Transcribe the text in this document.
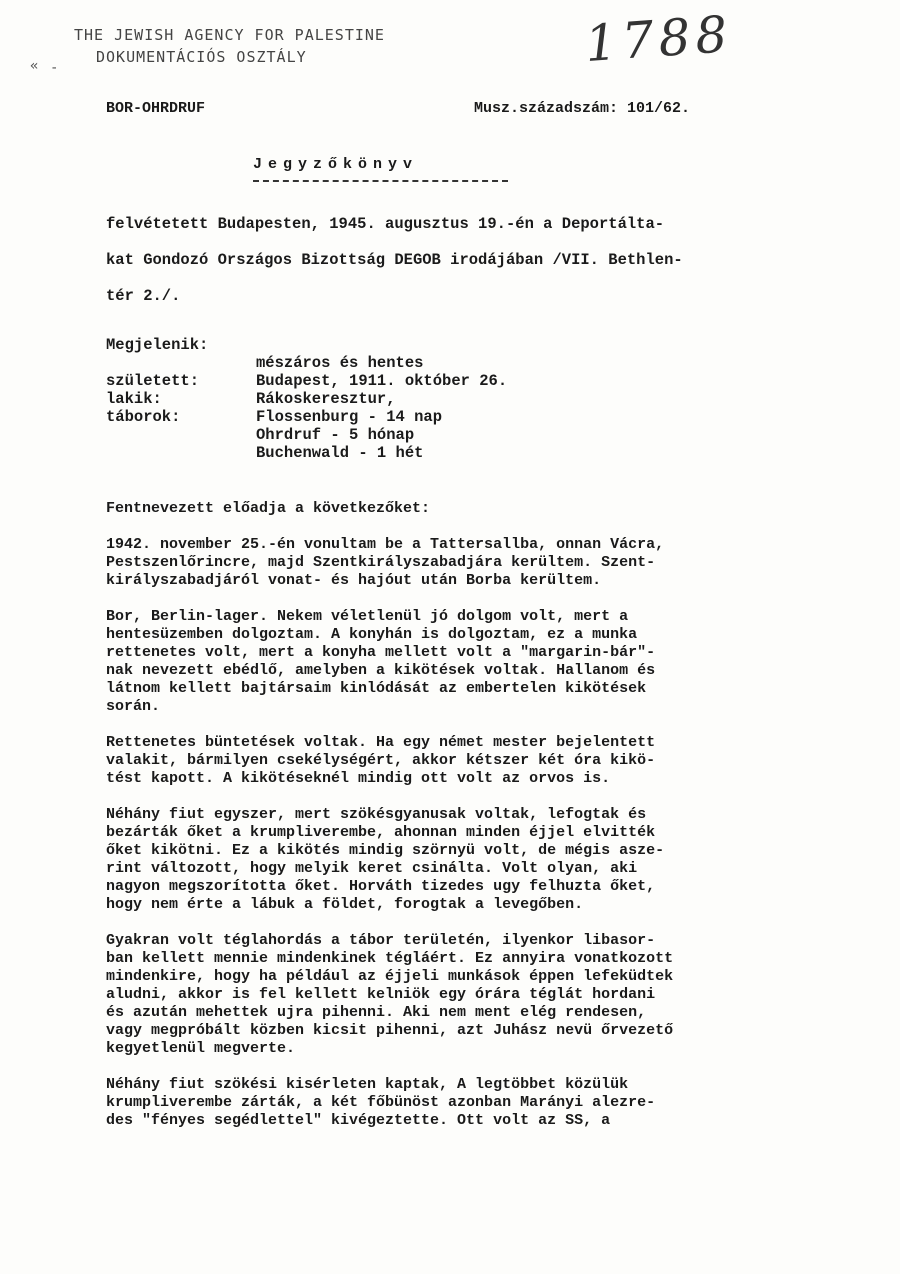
THE JEWISH AGENCY FOR PALESTINE
DOKUMENTÁCIÓS OSZTÁLY
« -	1788
BOR-OHRDRUF	Musz.századszám: 101/62.
Jegyzőkönyv
felvétetett Budapesten, 1945. augusztus 19.-én a Deportálta-
kat Gondozó Országos Bizottság DEGOB irodájában /VII. Bethlen-
tér 2./.
Megjelenik:
mészáros és hentes
született:	Budapest, 1911. október 26.
lakik:	Rákoskeresztur,
táborok:	Flossenburg - 14 nap
Ohrdruf - 5 hónap
Buchenwald - 1 hét
Fentnevezett előadja a következőket:
1942. november 25.-én vonultam be a Tattersallba, onnan Vácra,
Pestszenlőrincre, majd Szentkirályszabadjára kerültem. Szent-
királyszabadjáról vonat- és hajóut után Borba kerültem.
Bor, Berlin-lager. Nekem véletlenül jó dolgom volt, mert a
hentesüzemben dolgoztam. A konyhán is dolgoztam, ez a munka
rettenetes volt, mert a konyha mellett volt a "margarin-bár"-
nak nevezett ebédlő, amelyben a kikötések voltak. Hallanom és
látnom kellett bajtársaim kinlódását az embertelen kikötések
során.
Rettenetes büntetések voltak. Ha egy német mester bejelentett
valakit, bármilyen csekélységért, akkor kétszer két óra kikö-
tést kapott. A kikötéseknél mindig ott volt az orvos is.
Néhány fiut egyszer, mert szökésgyanusak voltak, lefogtak és
bezárták őket a krumpliverembe, ahonnan minden éjjel elvitték
őket kikötni. Ez a kikötés mindig szörnyü volt, de mégis asze-
rint változott, hogy melyik keret csinálta. Volt olyan, aki
nagyon megszorította őket. Horváth tizedes ugy felhuzta őket,
hogy nem érte a lábuk a földet, forogtak a levegőben.
Gyakran volt téglahordás a tábor területén, ilyenkor libasor-
ban kellett mennie mindenkinek tégláért. Ez annyira vonatkozott
mindenkire, hogy ha például az éjjeli munkások éppen lefeküdtek
aludni, akkor is fel kellett kelniök egy órára téglát hordani
és azután mehettek ujra pihenni. Aki nem ment elég rendesen,
vagy megpróbált közben kicsit pihenni, azt Juhász nevü őrvezető
kegyetlenül megverte.
Néhány fiut szökési kisérleten kaptak, A legtöbbet közülük
krumpliverembe zárták, a két főbünöst azonban Marányi alezre-
des "fényes segédlettel" kivégeztette. Ott volt az SS, a
